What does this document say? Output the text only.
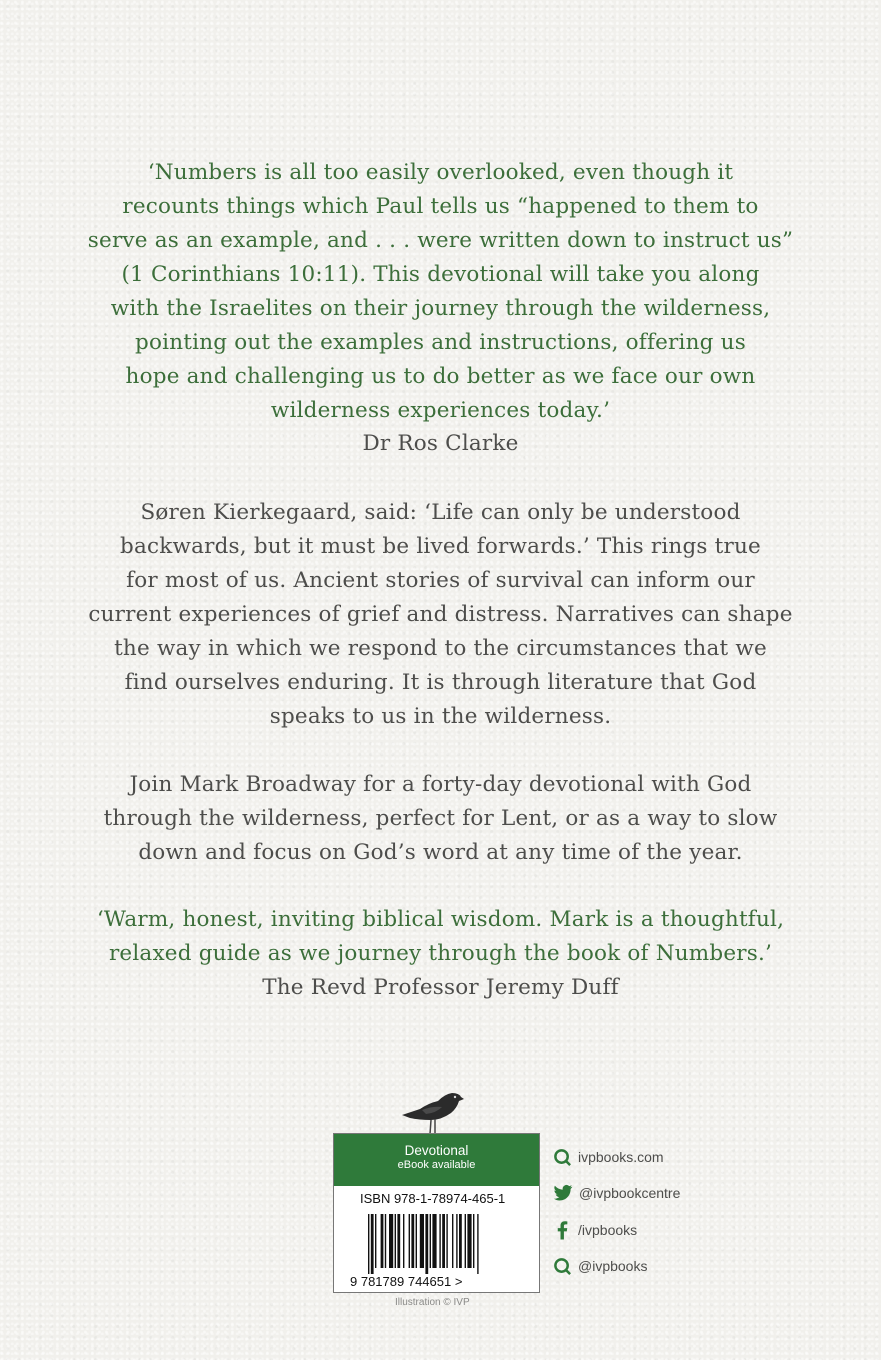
‘Numbers is all too easily overlooked, even though it
recounts things which Paul tells us “happened to them to
serve as an example, and . . . were written down to instruct us”
(1 Corinthians 10:11). This devotional will take you along
with the Israelites on their journey through the wilderness,
pointing out the examples and instructions, offering us
hope and challenging us to do better as we face our own
wilderness experiences today.’
Dr Ros Clarke
Søren Kierkegaard, said: ‘Life can only be understood
backwards, but it must be lived forwards.’ This rings true
for most of us. Ancient stories of survival can inform our
current experiences of grief and distress. Narratives can shape
the way in which we respond to the circumstances that we
find ourselves enduring. It is through literature that God
speaks to us in the wilderness.
Join Mark Broadway for a forty-day devotional with God
through the wilderness, perfect for Lent, or as a way to slow
down and focus on God’s word at any time of the year.
‘Warm, honest, inviting biblical wisdom. Mark is a thoughtful,
relaxed guide as we journey through the book of Numbers.’
The Revd Professor Jeremy Duff
Devotional
eBook available
ISBN 978-1-78974-465-1
9 781789 744651 >
Illustration © IVP
ivpbooks.com
@ivpbookcentre
/ivpbooks
@ivpbooks
